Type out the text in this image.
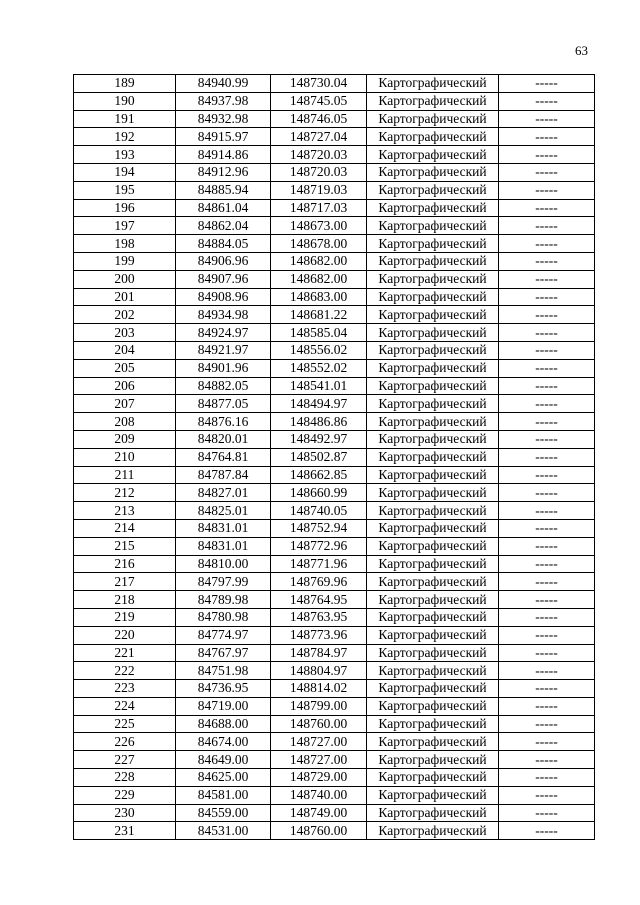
63
189	84940.99	148730.04	Картографический	-----
190	84937.98	148745.05	Картографический	-----
191	84932.98	148746.05	Картографический	-----
192	84915.97	148727.04	Картографический	-----
193	84914.86	148720.03	Картографический	-----
194	84912.96	148720.03	Картографический	-----
195	84885.94	148719.03	Картографический	-----
196	84861.04	148717.03	Картографический	-----
197	84862.04	148673.00	Картографический	-----
198	84884.05	148678.00	Картографический	-----
199	84906.96	148682.00	Картографический	-----
200	84907.96	148682.00	Картографический	-----
201	84908.96	148683.00	Картографический	-----
202	84934.98	148681.22	Картографический	-----
203	84924.97	148585.04	Картографический	-----
204	84921.97	148556.02	Картографический	-----
205	84901.96	148552.02	Картографический	-----
206	84882.05	148541.01	Картографический	-----
207	84877.05	148494.97	Картографический	-----
208	84876.16	148486.86	Картографический	-----
209	84820.01	148492.97	Картографический	-----
210	84764.81	148502.87	Картографический	-----
211	84787.84	148662.85	Картографический	-----
212	84827.01	148660.99	Картографический	-----
213	84825.01	148740.05	Картографический	-----
214	84831.01	148752.94	Картографический	-----
215	84831.01	148772.96	Картографический	-----
216	84810.00	148771.96	Картографический	-----
217	84797.99	148769.96	Картографический	-----
218	84789.98	148764.95	Картографический	-----
219	84780.98	148763.95	Картографический	-----
220	84774.97	148773.96	Картографический	-----
221	84767.97	148784.97	Картографический	-----
222	84751.98	148804.97	Картографический	-----
223	84736.95	148814.02	Картографический	-----
224	84719.00	148799.00	Картографический	-----
225	84688.00	148760.00	Картографический	-----
226	84674.00	148727.00	Картографический	-----
227	84649.00	148727.00	Картографический	-----
228	84625.00	148729.00	Картографический	-----
229	84581.00	148740.00	Картографический	-----
230	84559.00	148749.00	Картографический	-----
231	84531.00	148760.00	Картографический	-----
